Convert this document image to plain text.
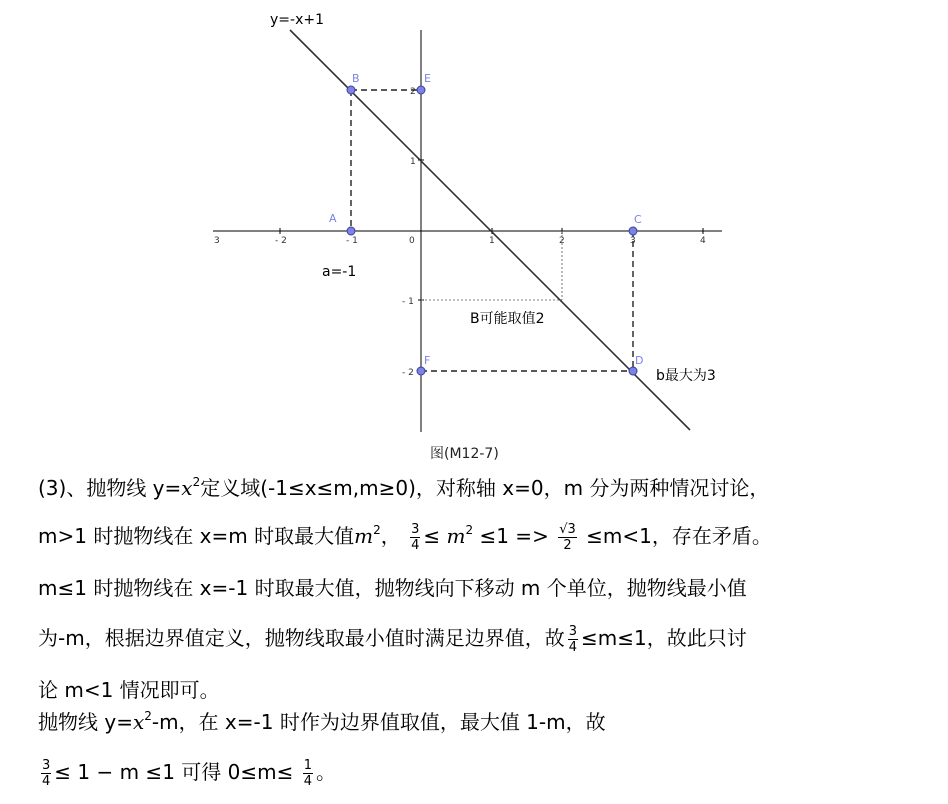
3	- 2	- 1	0	1	2	3	4
2
1
- 1
- 2
y=-x+1
A
B
C
D
E
F
a=-1
B可能取值2
b最大为3
图(M12-7)
(3)、抛物线 $y=x^2$定义域(-1≤x≤m,m≥0)，对称轴 x=0，m 分为两种情况讨论，
m>1 时抛物线在 x=m 时取最大值$m^2$， $\frac{3}{4} \le m^2 \le 1 => \frac{√3}{2} \le m<1$，存在矛盾。
m≤1 时抛物线在 x=-1 时取最大值，抛物线向下移动 m 个单位，抛物线最小值
为-m，根据边界值定义，抛物线取最小值时满足边界值，故 $\frac{3}{4} \le m\le 1$，故此只讨
论 m<1 情况即可。
抛物线 $y=x^2-m$，在 x=-1 时作为边界值取值，最大值 1-m，故
$\frac{3}{4} \le 1 - m \le 1$ 可得 $0\le m\le \frac{1}{4}$ 。
